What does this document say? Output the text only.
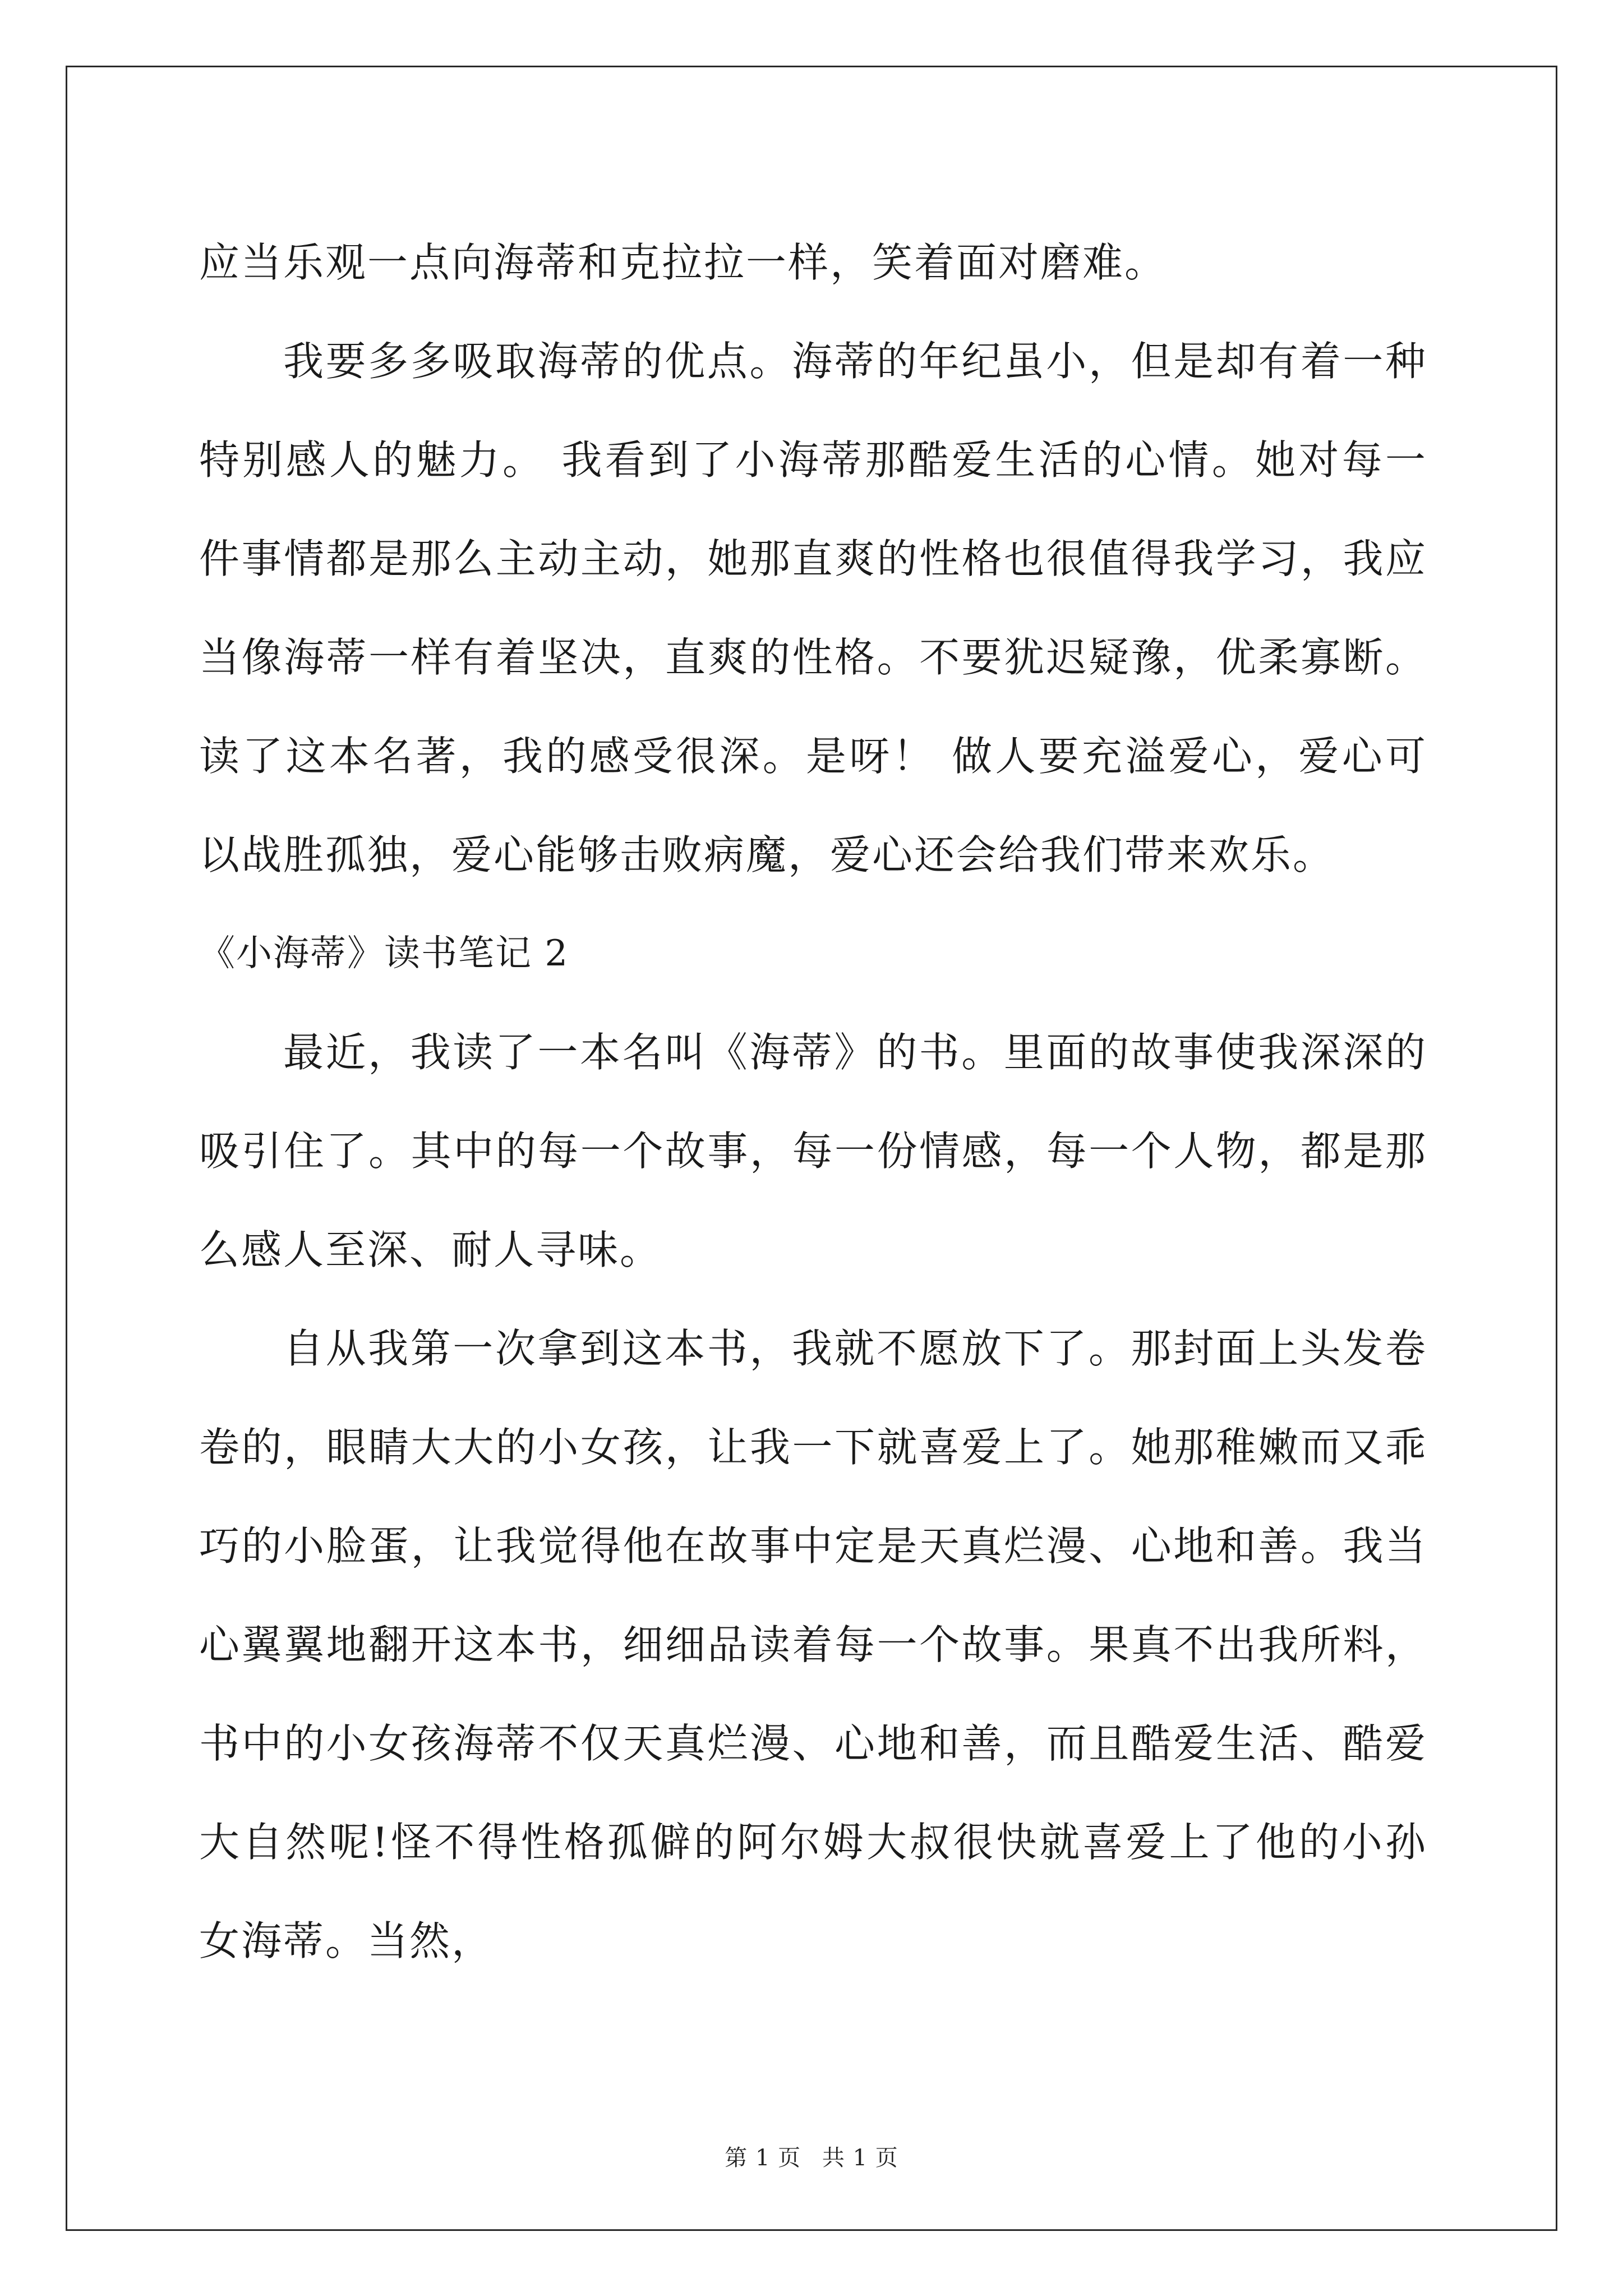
应当乐观一点向海蒂和克拉拉一样，笑着面对磨难。

我要多多吸取海蒂的优点。海蒂的年纪虽小，但是却有着一种特别感人的魅力。 我看到了小海蒂那酷爱生活的心情。她对每一件事情都是那么主动主动，她那直爽的性格也很值得我学习，我应当像海蒂一样有着坚决，直爽的性格。不要犹迟疑豫，优柔寡断。 读了这本名著，我的感受很深。是呀！ 做人要充溢爱心，爱心可以战胜孤独，爱心能够击败病魔，爱心还会给我们带来欢乐。

《小海蒂》读书笔记 2

最近，我读了一本名叫《海蒂》的书。里面的故事使我深深的吸引住了。其中的每一个故事，每一份情感，每一个人物，都是那么感人至深、耐人寻味。

自从我第一次拿到这本书，我就不愿放下了。那封面上头发卷卷的，眼睛大大的小女孩，让我一下就喜爱上了。她那稚嫩而又乖巧的小脸蛋，让我觉得他在故事中定是天真烂漫、心地和善。我当心翼翼地翻开这本书，细细品读着每一个故事。果真不出我所料，书中的小女孩海蒂不仅天真烂漫、心地和善，而且酷爱生活、酷爱大自然呢!怪不得性格孤僻的阿尔姆大叔很快就喜爱上了他的小孙女海蒂。当然，

第 1 页 共 1 页
